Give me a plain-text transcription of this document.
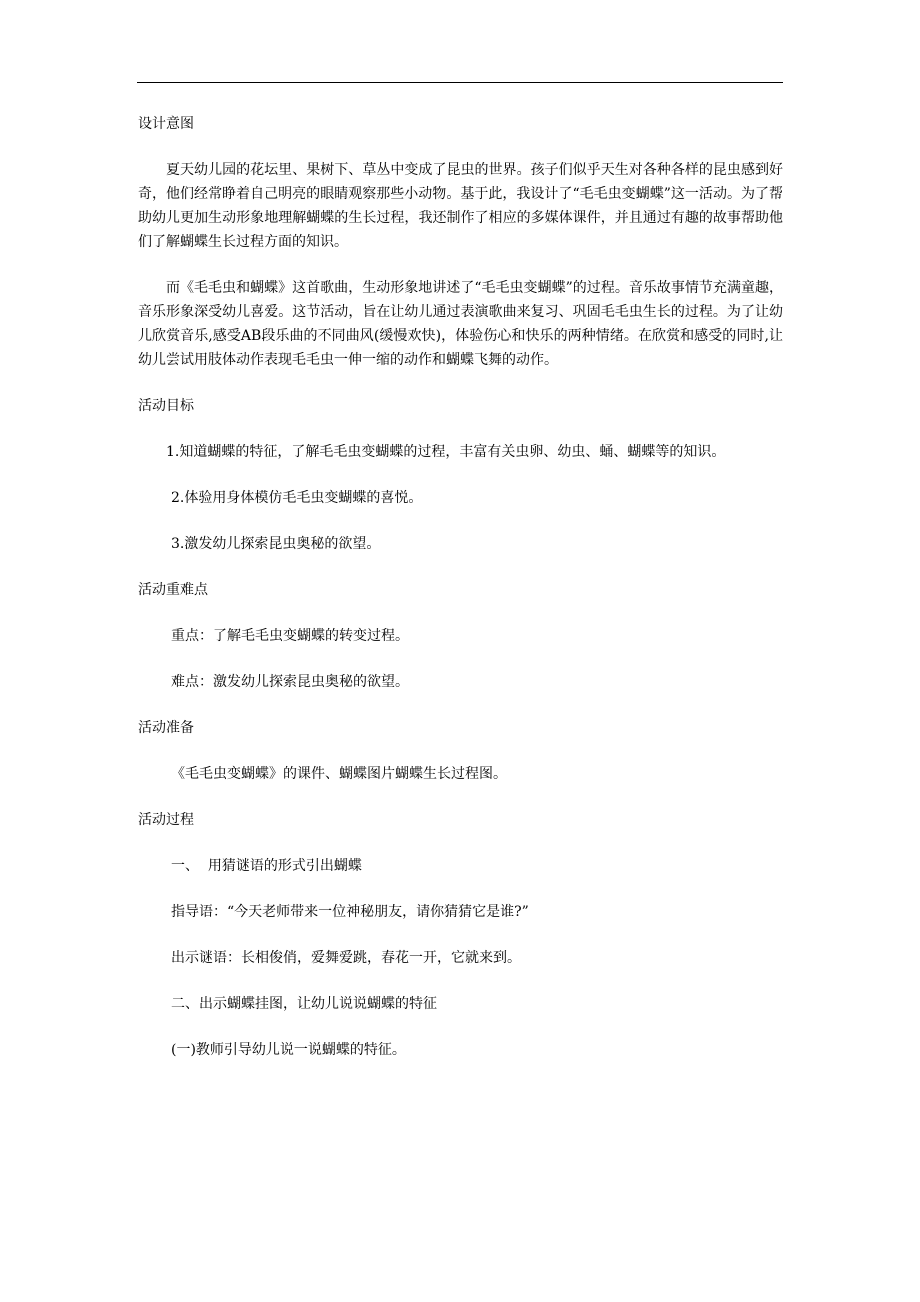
设计意图

夏天幼儿园的花坛里、果树下、草丛中变成了昆虫的世界。孩子们似乎天生对各种各样的昆虫感到好奇，他们经常睁着自己明亮的眼睛观察那些小动物。基于此，我设计了“毛毛虫变蝴蝶”这一活动。为了帮助幼儿更加生动形象地理解蝴蝶的生长过程，我还制作了相应的多媒体课件，并且通过有趣的故事帮助他们了解蝴蝶生长过程方面的知识。

而《毛毛虫和蝴蝶》这首歌曲，生动形象地讲述了“毛毛虫变蝴蝶”的过程。音乐故事情节充满童趣，音乐形象深受幼儿喜爱。这节活动，旨在让幼儿通过表演歌曲来复习、巩固毛毛虫生长的过程。为了让幼儿欣赏音乐,感受AB段乐曲的不同曲风(缓慢欢快)，体验伤心和快乐的两种情绪。在欣赏和感受的同时,让幼儿尝试用肢体动作表现毛毛虫一伸一缩的动作和蝴蝶飞舞的动作。

活动目标

1.知道蝴蝶的特征，了解毛毛虫变蝴蝶的过程，丰富有关虫卵、幼虫、蛹、蝴蝶等的知识。

2.体验用身体模仿毛毛虫变蝴蝶的喜悦。
3.激发幼儿探索昆虫奥秘的欲望。
活动重难点
重点：了解毛毛虫变蝴蝶的转变过程。
难点：激发幼儿探索昆虫奥秘的欲望。
活动准备
《毛毛虫变蝴蝶》的课件、蝴蝶图片蝴蝶生长过程图。
活动过程
一、  用猜谜语的形式引出蝴蝶
指导语：“今天老师带来一位神秘朋友，请你猜猜它是谁?”
出示谜语：长相俊俏，爱舞爱跳，春花一开，它就来到。
二、出示蝴蝶挂图，让幼儿说说蝴蝶的特征
(一)教师引导幼儿说一说蝴蝶的特征。
